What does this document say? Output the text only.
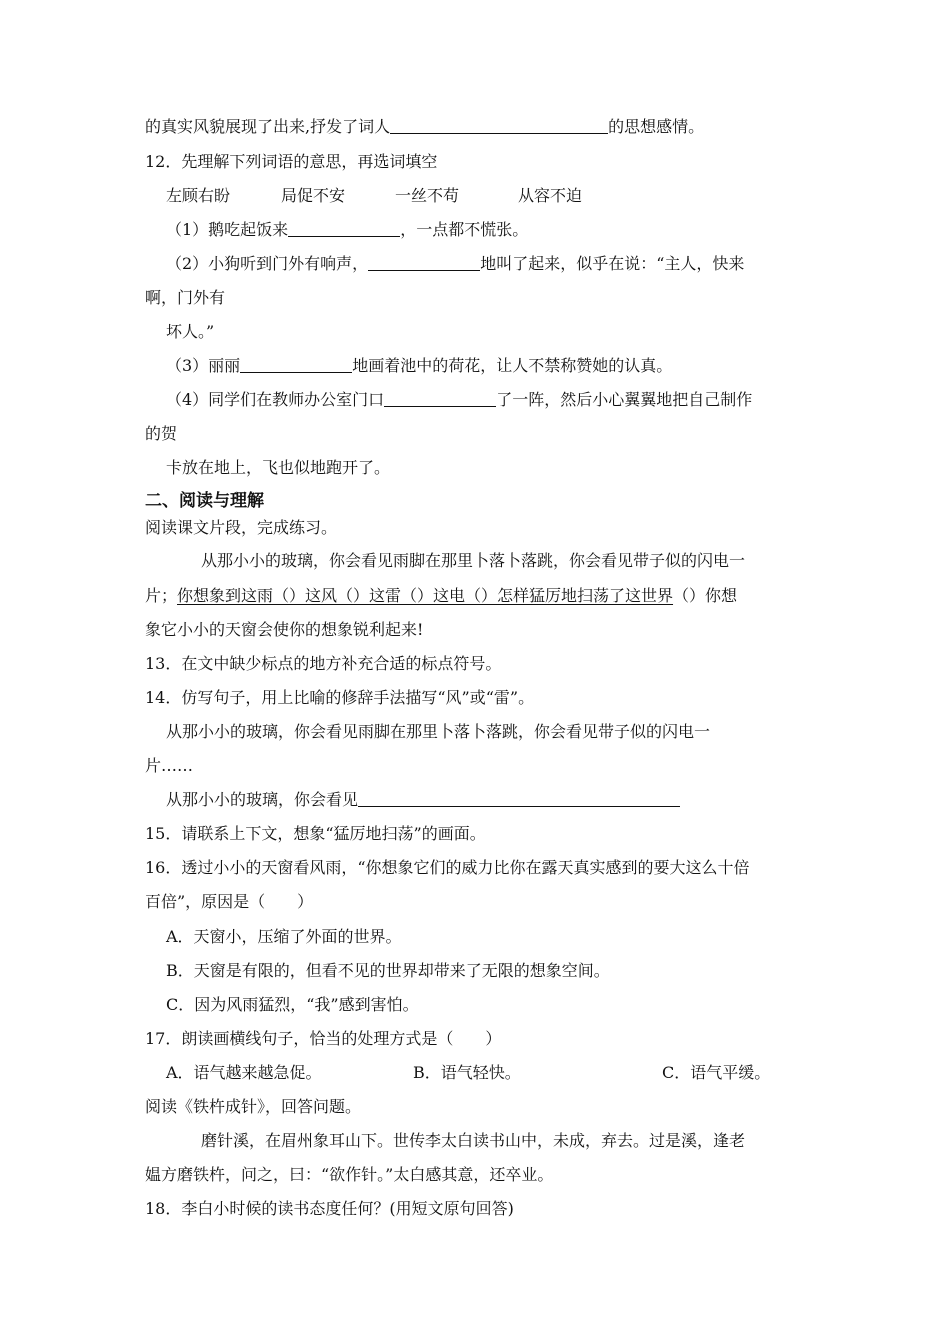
的真实风貌展现了出来,抒发了词人	的思想感情。
12．先理解下列词语的意思，再选词填空
左顾右盼	局促不安	一丝不苟	从容不迫
（1）鹅吃起饭来	，一点都不慌张。
（2）小狗听到门外有响声，	地叫了起来，似乎在说：“主人，快来
啊，门外有
坏人。”
（3）丽丽	地画着池中的荷花，让人不禁称赞她的认真。
（4）同学们在教师办公室门口	了一阵，然后小心翼翼地把自己制作
的贺
卡放在地上，飞也似地跑开了。
二、阅读与理解
阅读课文片段，完成练习。
从那小小的玻璃，你会看见雨脚在那里卜落卜落跳，你会看见带子似的闪电一
片；你想象到这雨（）这风（）这雷（）这电（）怎样猛厉地扫荡了这世界（）你想
象它小小的天窗会使你的想象锐利起来!
13．在文中缺少标点的地方补充合适的标点符号。
14．仿写句子，用上比喻的修辞手法描写“风”或“雷”。
从那小小的玻璃，你会看见雨脚在那里卜落卜落跳，你会看见带子似的闪电一
片……
从那小小的玻璃，你会看见
15．请联系上下文，想象“猛厉地扫荡”的画面。
16．透过小小的天窗看风雨，“你想象它们的威力比你在露天真实感到的要大这么十倍
百倍”，原因是（　　）
A．天窗小，压缩了外面的世界。
B．天窗是有限的，但看不见的世界却带来了无限的想象空间。
C．因为风雨猛烈，“我”感到害怕。
17．朗读画横线句子，恰当的处理方式是（　　）
A．语气越来越急促。	B．语气轻快。	C．语气平缓。
阅读《铁杵成针》，回答问题。
磨针溪，在眉州象耳山下。世传李太白读书山中，未成，弃去。过是溪，逢老
媪方磨铁杵，问之，曰：“欲作针。”太白感其意，还卒业。
18．李白小时候的读书态度任何？(用短文原句回答)
